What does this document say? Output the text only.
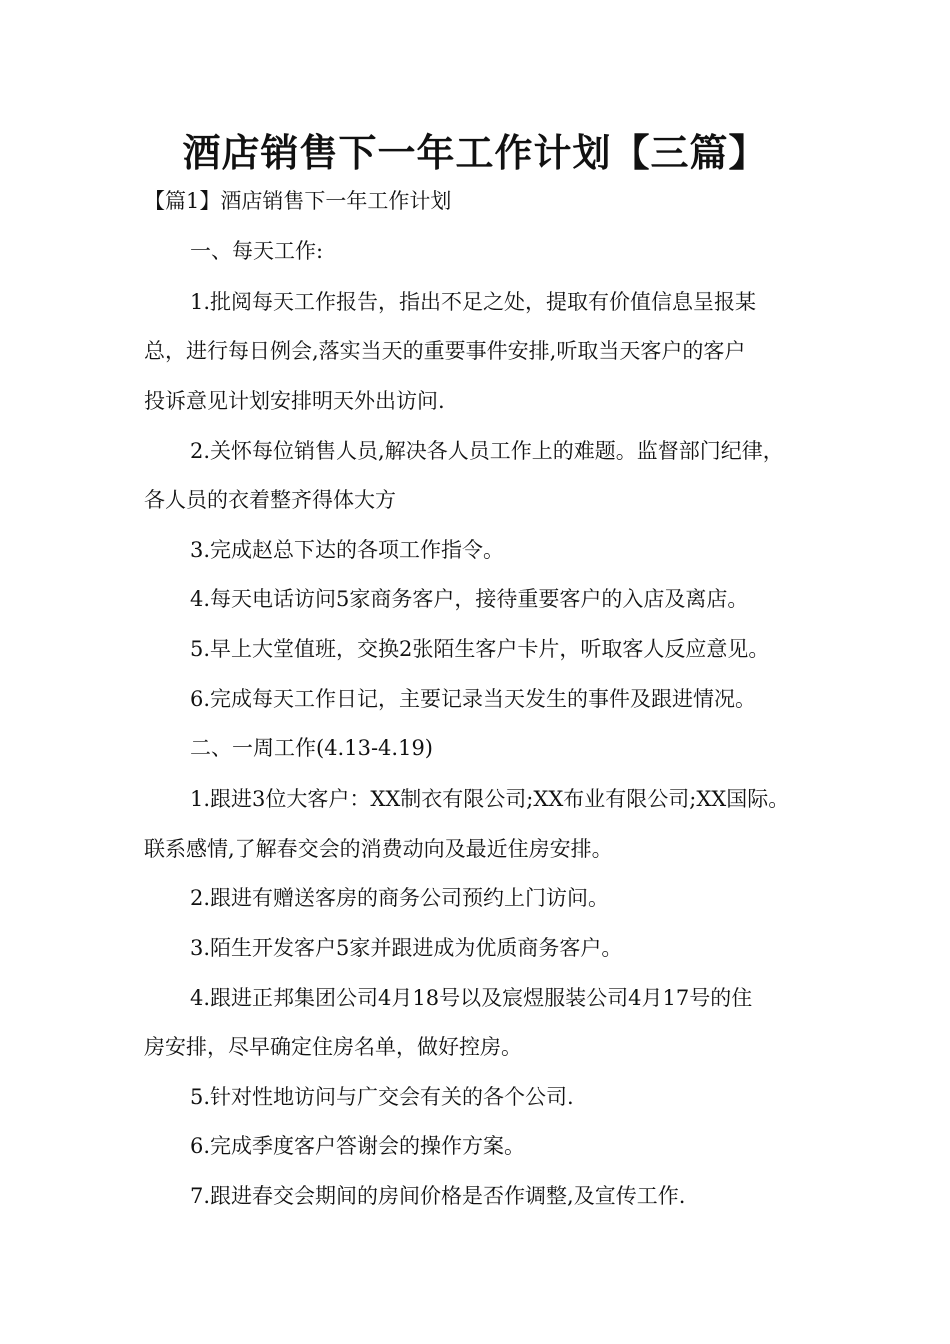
酒店销售下一年工作计划【三篇】
【篇1】酒店销售下一年工作计划
一、每天工作:
1.批阅每天工作报告，指出不足之处，提取有价值信息呈报某
总，进行每日例会,落实当天的重要事件安排,听取当天客户的客户
投诉意见计划安排明天外出访问.
2.关怀每位销售人员,解决各人员工作上的难题。监督部门纪律，
各人员的衣着整齐得体大方
3.完成赵总下达的各项工作指令。
4.每天电话访问5家商务客户，接待重要客户的入店及离店。
5.早上大堂值班，交换2张陌生客户卡片，听取客人反应意见。
6.完成每天工作日记，主要记录当天发生的事件及跟进情况。
二、一周工作(4.13-4.19)
1.跟进3位大客户：XX制衣有限公司;XX布业有限公司;XX国际。
联系感情,了解春交会的消费动向及最近住房安排。
2.跟进有赠送客房的商务公司预约上门访问。
3.陌生开发客户5家并跟进成为优质商务客户。
4.跟进正邦集团公司4月18号以及宸煜服装公司4月17号的住
房安排，尽早确定住房名单，做好控房。
5.针对性地访问与广交会有关的各个公司.
6.完成季度客户答谢会的操作方案。
7.跟进春交会期间的房间价格是否作调整,及宣传工作.
